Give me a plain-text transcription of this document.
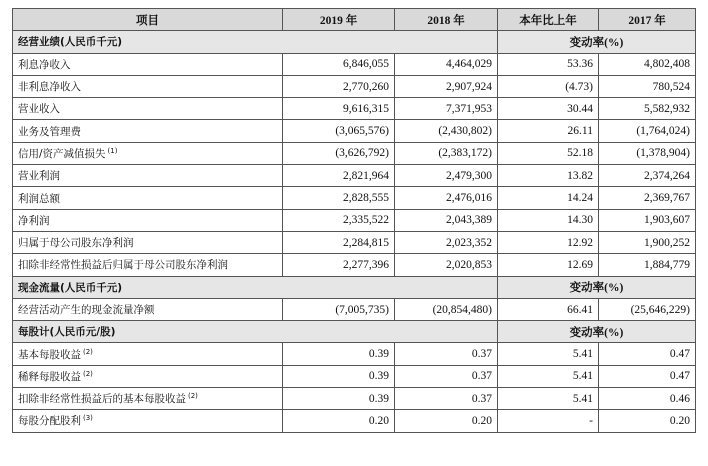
项目	2019 年	2018 年	本年比上年	2017 年
经营业绩(人民币千元)			变动率(%)	
利息净收入	6,846,055	4,464,029	53.36	4,802,408
非利息净收入	2,770,260	2,907,924	(4.73)	780,524
营业收入	9,616,315	7,371,953	30.44	5,582,932
业务及管理费	(3,065,576)	(2,430,802)	26.11	(1,764,024)
信用/资产减值损失 $^{(1)}$	(3,626,792)	(2,383,172)	52.18	(1,378,904)
营业利润	2,821,964	2,479,300	13.82	2,374,264
利润总额	2,828,555	2,476,016	14.24	2,369,767
净利润	2,335,522	2,043,389	14.30	1,903,607
归属于母公司股东净利润	2,284,815	2,023,352	12.92	1,900,252
扣除非经常性损益后归属于母公司股东净利润	2,277,396	2,020,853	12.69	1,884,779
现金流量(人民币千元)			变动率(%)	
经营活动产生的现金流量净额	(7,005,735)	(20,854,480)	66.41	(25,646,229)
每股计(人民币元/股)			变动率(%)	
基本每股收益 $^{(2)}$	0.39	0.37	5.41	0.47
稀释每股收益 $^{(2)}$	0.39	0.37	5.41	0.47
扣除非经常性损益后的基本每股收益 $^{(2)}$	0.39	0.37	5.41	0.46
每股分配股利 $^{(3)}$	0.20	0.20	-	0.20
